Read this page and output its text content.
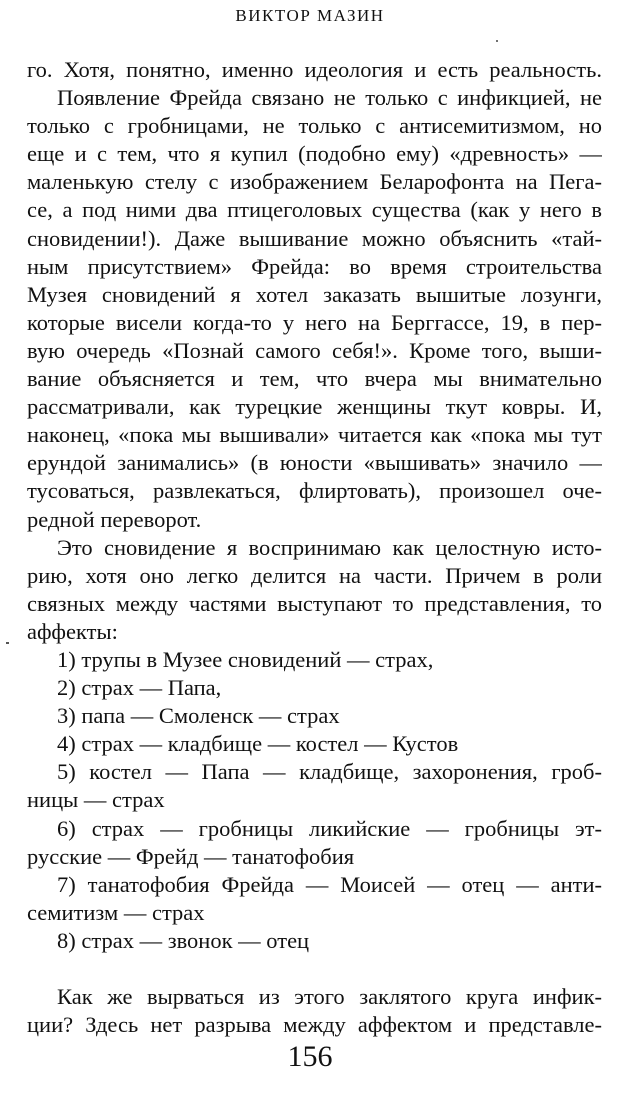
ВИКТОР МАЗИН
го. Хотя, понятно, именно идеология и есть реальность.
Появление Фрейда связано не только с инфикцией, не
только с гробницами, не только с антисемитизмом, но
еще и с тем, что я купил (подобно ему) «древность» —
маленькую стелу с изображением Беларофонта на Пега-
се, а под ними два птицеголовых существа (как у него в
сновидении!). Даже вышивание можно объяснить «тай-
ным присутствием» Фрейда: во время строительства
Музея сновидений я хотел заказать вышитые лозунги,
которые висели когда-то у него на Берггассе, 19, в пер-
вую очередь «Познай самого себя!». Кроме того, выши-
вание объясняется и тем, что вчера мы внимательно
рассматривали, как турецкие женщины ткут ковры. И,
наконец, «пока мы вышивали» читается как «пока мы тут
ерундой занимались» (в юности «вышивать» значило —
тусоваться, развлекаться, флиртовать), произошел оче-
редной переворот.
Это сновидение я воспринимаю как целостную исто-
рию, хотя оно легко делится на части. Причем в роли
связных между частями выступают то представления, то
аффекты:
1) трупы в Музее сновидений — страх,
2) страх — Папа,
3) папа — Смоленск — страх
4) страх — кладбище — костел — Кустов
5) костел — Папа — кладбище, захоронения, гроб-
ницы — страх
6) страх — гробницы ликийские — гробницы эт-
русские — Фрейд — танатофобия
7) танатофобия Фрейда — Моисей — отец — анти-
семитизм — страх
8) страх — звонок — отец
Как же вырваться из этого заклятого круга инфик-
ции? Здесь нет разрыва между аффектом и представле-
156
